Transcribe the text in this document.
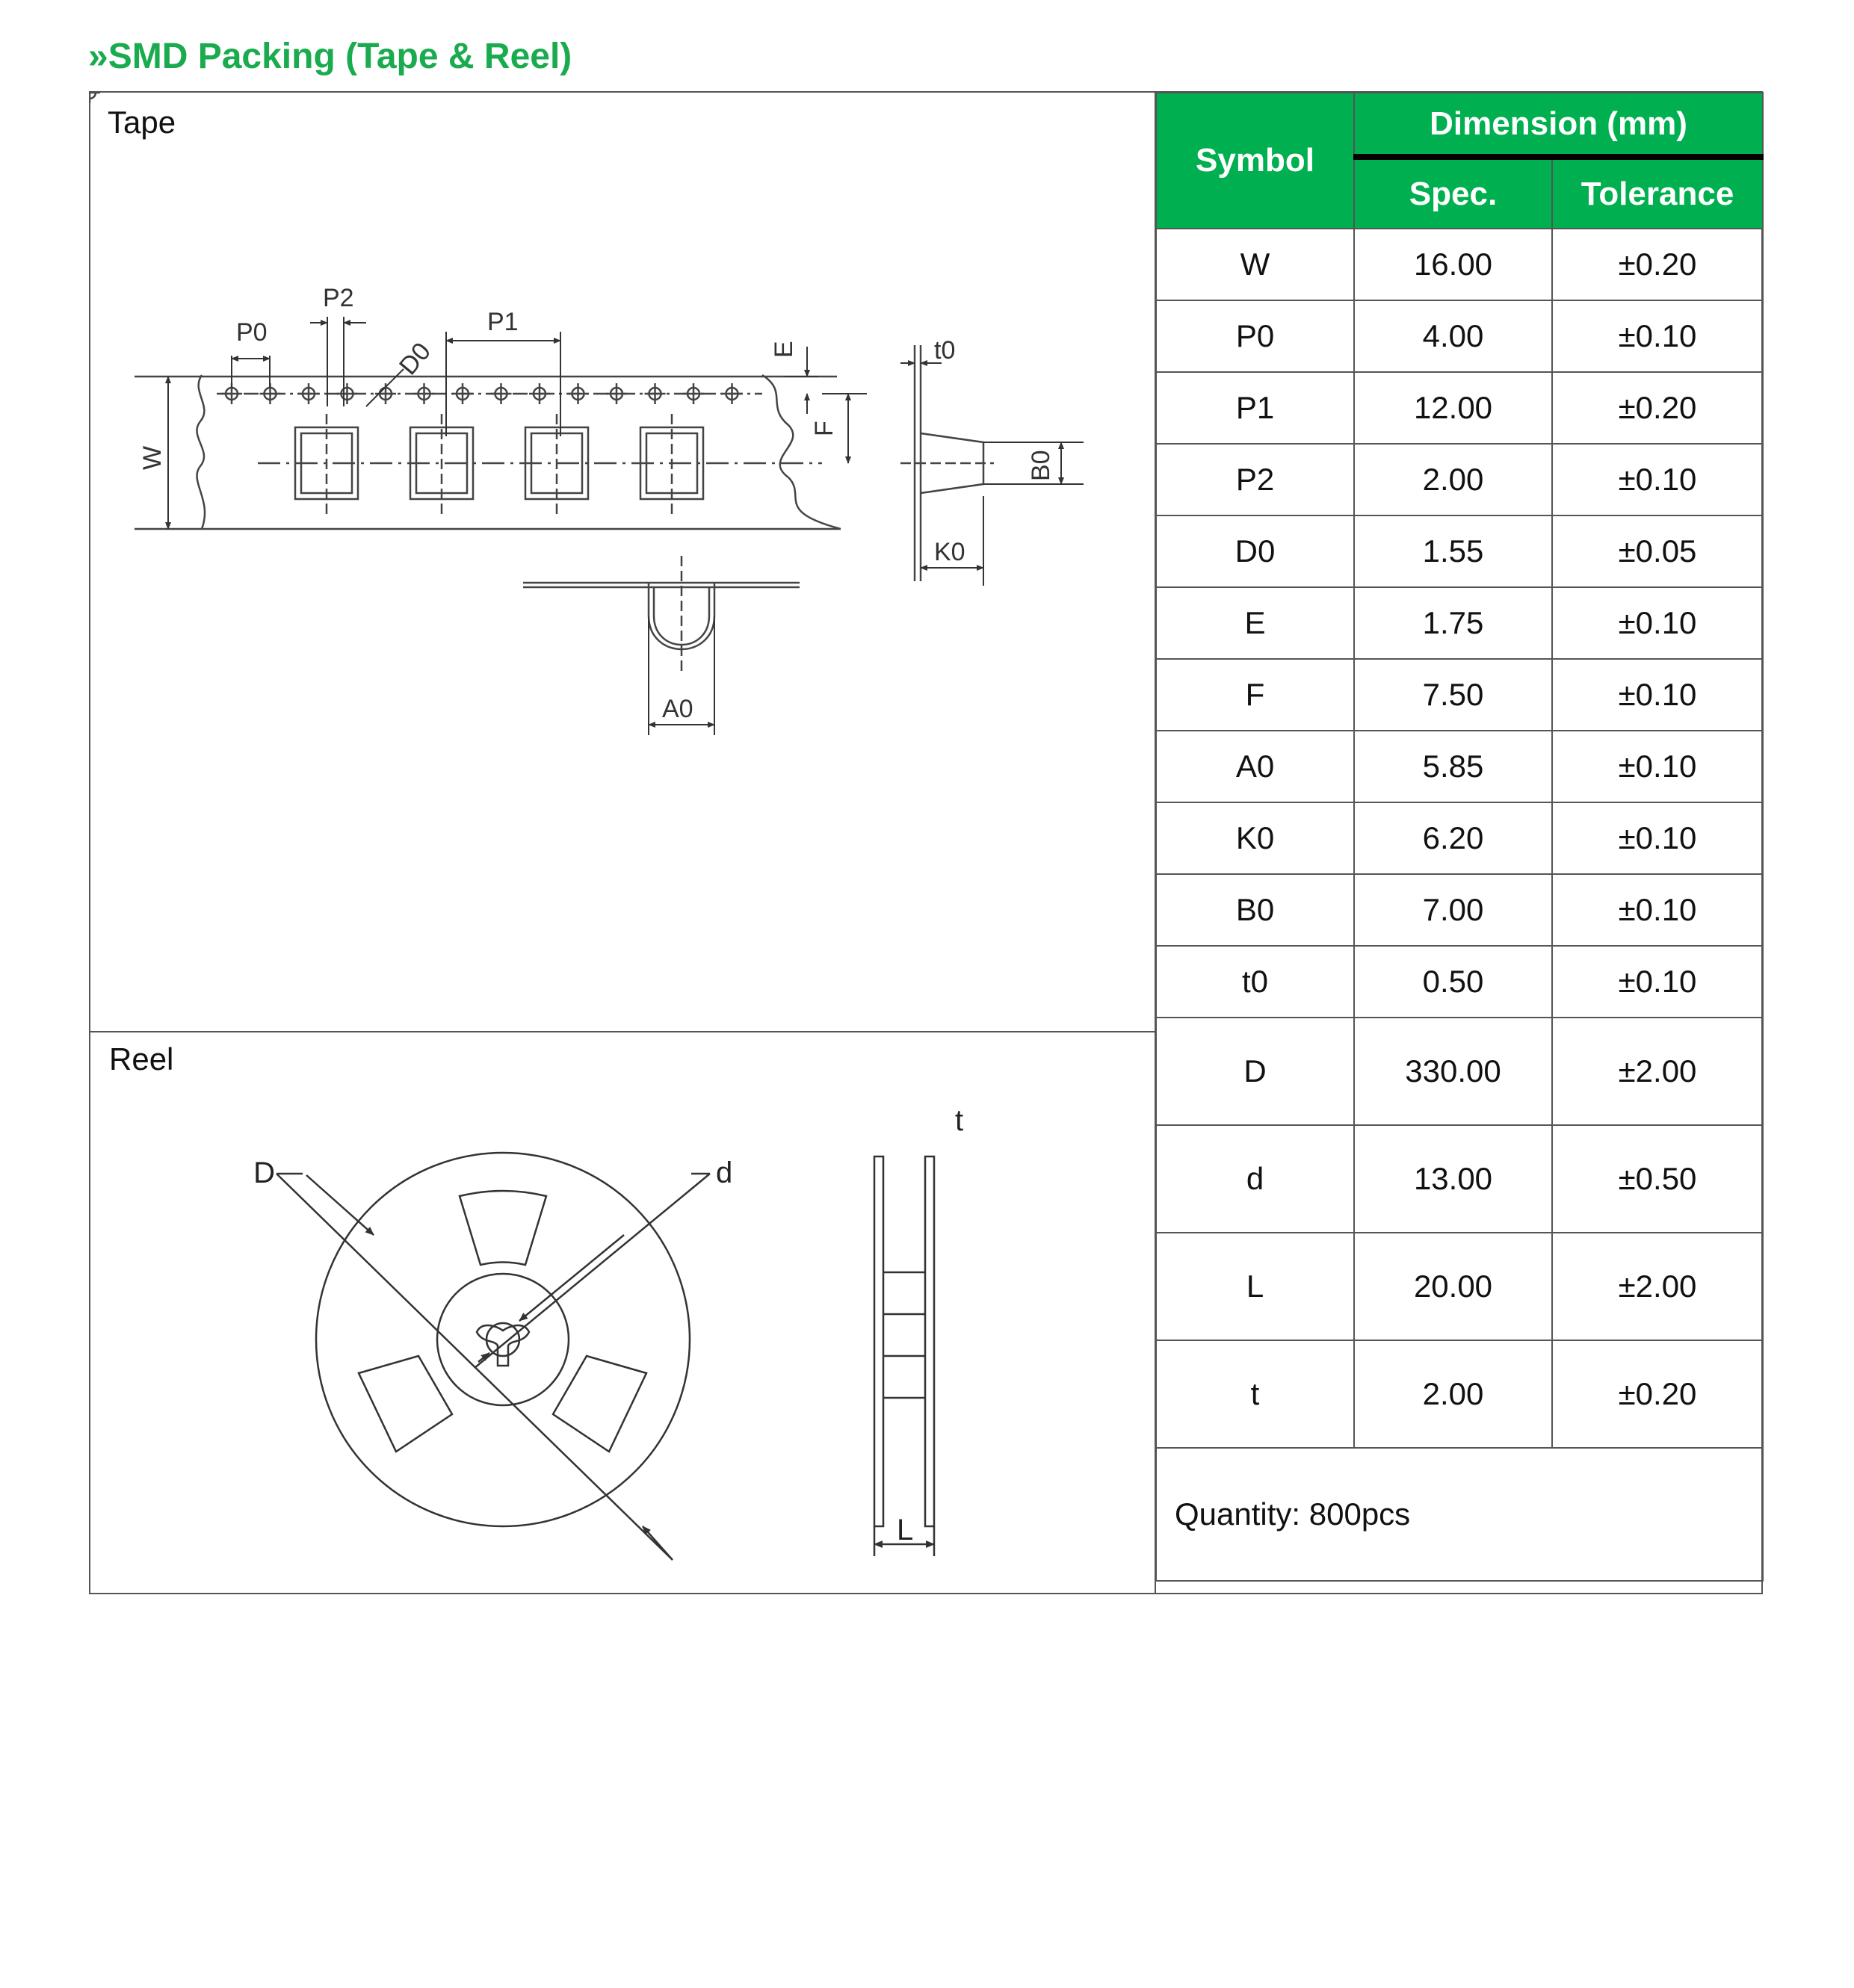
»SMD Packing (Tape & Reel)
Tape
Reel
P0
P2
P1
D0	E	t0
W
F
B0
K0
A0
D	d
t
L
Symbol	Dimension (mm)	
	Spec.	Tolerance
W	16.00	±0.20
P0	4.00	±0.10
P1	12.00	±0.20
P2	2.00	±0.10
D0	1.55	±0.05
E	1.75	±0.10
F	7.50	±0.10
A0	5.85	±0.10
K0	6.20	±0.10
B0	7.00	±0.10
t0	0.50	±0.10
D	330.00	±2.00
d	13.00	±0.50
L	20.00	±2.00
t	2.00	±0.20
Quantity: 800pcs		
